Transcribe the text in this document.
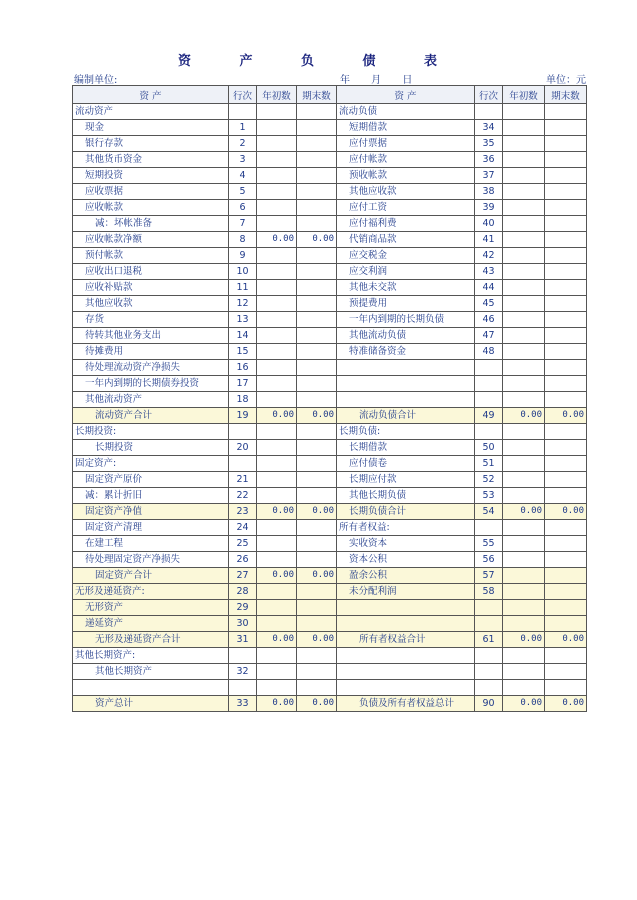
资 产 负 债 表
编制单位:	年 月 日	单位：元
资 产	行次	年初数	期末数	资 产	行次	年初数	期末数
流动资产				流动负债			
现金	1			短期借款	34		
银行存款	2			应付票据	35		
其他货币资金	3			应付帐款	36		
短期投资	4			预收帐款	37		
应收票据	5			其他应收款	38		
应收帐款	6			应付工资	39		
减：坏帐准备	7			应付福利费	40		
应收帐款净额	8	0.00	0.00	代销商品款	41		
预付帐款	9			应交税金	42		
应收出口退税	10			应交利润	43		
应收补贴款	11			其他未交款	44		
其他应收款	12			预提费用	45		
存货	13			一年内到期的长期负债	46		
待转其他业务支出	14			其他流动负债	47		
待摊费用	15			特准储备资金	48		
待处理流动资产净损失	16						
一年内到期的长期债券投资	17						
其他流动资产	18						
流动资产合计	19	0.00	0.00	流动负债合计	49	0.00	0.00
长期投资:				长期负债:			
长期投资	20			长期借款	50		
固定资产:				应付债卷	51		
固定资产原价	21			长期应付款	52		
减：累计折旧	22			其他长期负债	53		
固定资产净值	23	0.00	0.00	长期负债合计	54	0.00	0.00
固定资产清理	24			所有者权益:			
在建工程	25			实收资本	55		
待处理固定资产净损失	26			资本公积	56		
固定资产合计	27	0.00	0.00	盈余公积	57		
无形及递延资产:	28			未分配利润	58		
无形资产	29						
递延资产	30						
无形及递延资产合计	31	0.00	0.00	所有者权益合计	61	0.00	0.00
其他长期资产:							
其他长期资产	32						

资产总计	33	0.00	0.00	负债及所有者权益总计	90	0.00	0.00
